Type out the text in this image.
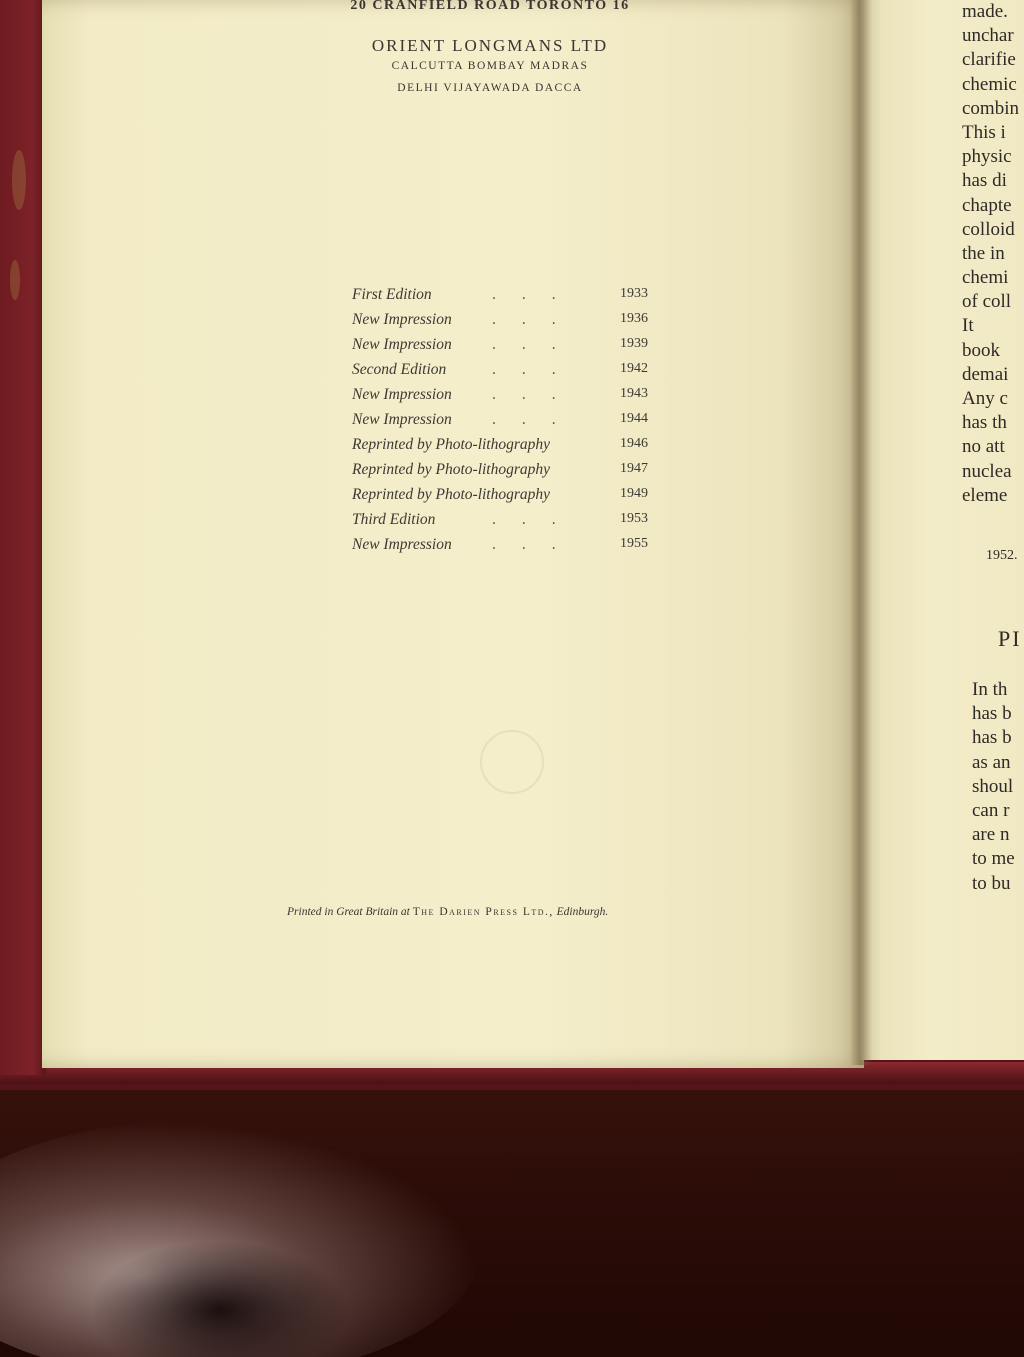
20 CRANFIELD ROAD TORONTO 16
ORIENT LONGMANS LTD
CALCUTTA BOMBAY MADRAS
DELHI VIJAYAWADA DACCA
First Edition	...	1933
New Impression	...	1936
New Impression	...	1939
Second Edition	...	1942
New Impression	...	1943
New Impression	...	1944
Reprinted by Photo-lithography	1946
Reprinted by Photo-lithography	1947
Reprinted by Photo-lithography	1949
Third Edition	...	1953
New Impression	...	1955
Printed in Great Britain at The Darien Press Ltd., Edinburgh.
made.
unchar
clarifie
chemic
combin
This i
physic
has di
chapte
colloid
the in
chemi
of coll
It
book
demai
Any c
has th
no att
nuclea
eleme
1952.
PI
In th
has b
has b
as an
shoul
can r
are n
to me
to bu
